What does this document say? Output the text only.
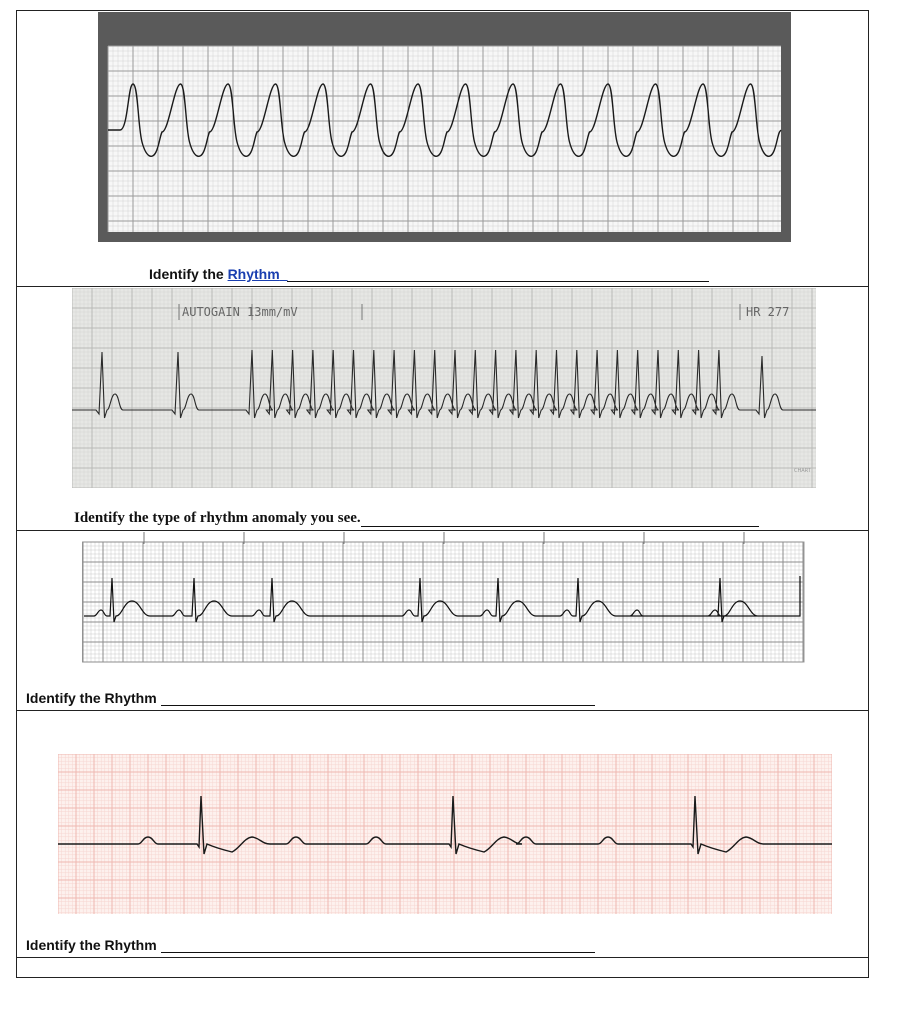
Identify the Rhythm_
AUTOGAIN 13mm/mV	HR 277
CHART
Identify the type of rhythm anomaly you see.
Identify the Rhythm
Identify the Rhythm
